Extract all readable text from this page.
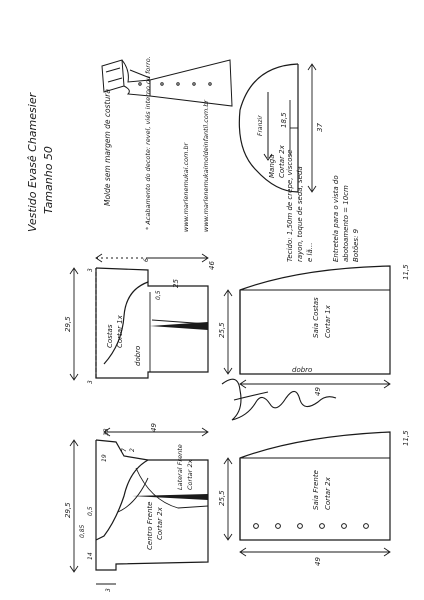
Vestido Evasê Chamesier Tamanho 50	Molde sem margem de costura	* Acabamento do decote: revel, viés interno ou forro.	www.marlenemukai.com.br www.marlenemukaimoldeinfantil.com.br	Tecido: 1,50m de crepe, viscose rayon, toque de seda, seda e lã...	Entretela para o vista do abotoamento = 10cm Botões: 9
Franzir
Manga Cortar 2x
18,5	37
Costas Cortar 1x
dobro
29,5
25
46
0,5
6
3
3
Saia Costas Cortar 1x
dobro
25,5
49
11,5
Centro Frente Cortar 2x
Lateral Frente Cortar 2x
29,5
13
49
19
7 2
0,5
14
0,85
3
Saia Frente Cortar 2x
25,5
49
11,5
